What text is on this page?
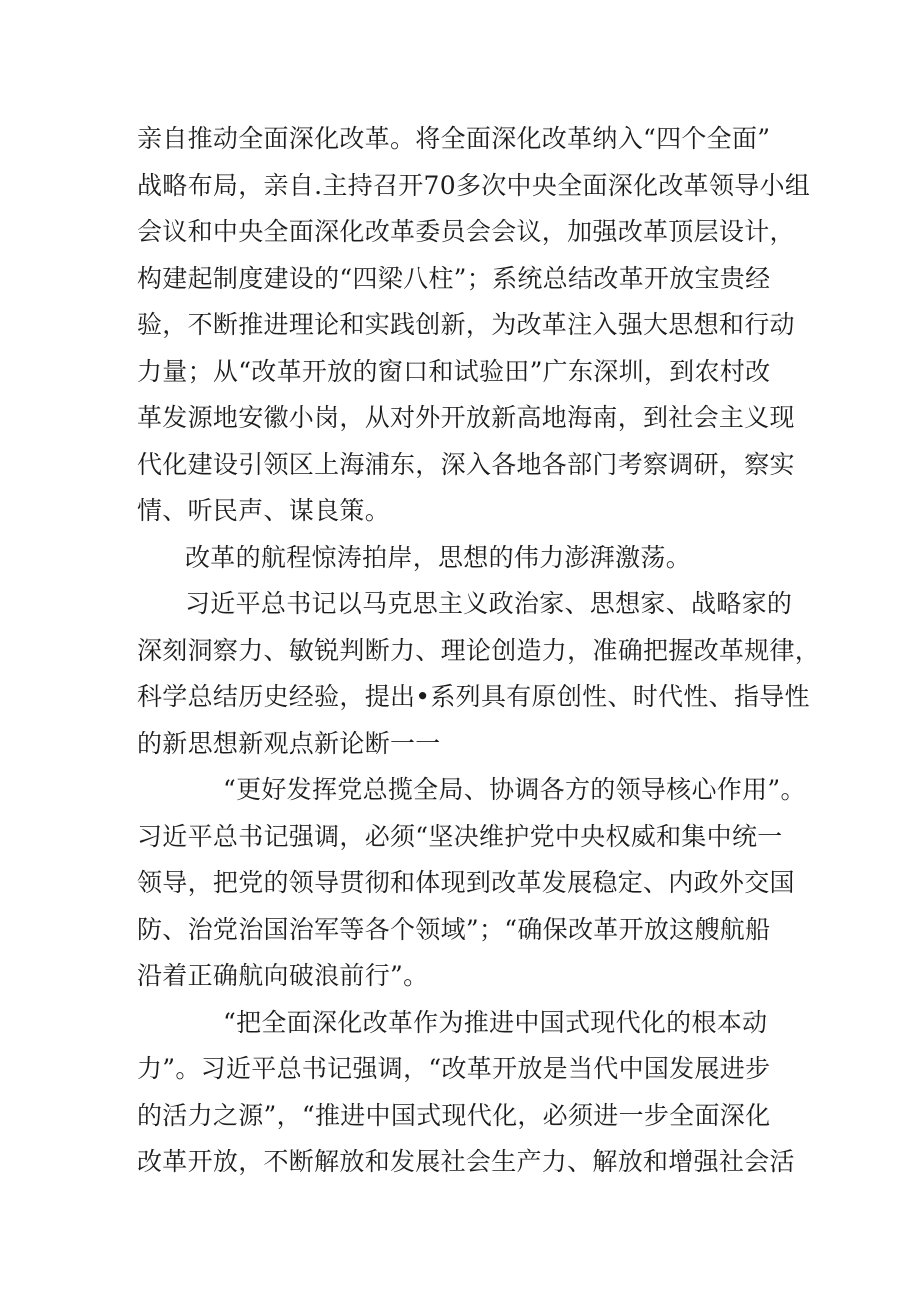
亲自推动全面深化改革。将全面深化改革纳入“四个全面”
战略布局，亲自.主持召开70多次中央全面深化改革领导小组
会议和中央全面深化改革委员会会议，加强改革顶层设计，
构建起制度建设的“四梁八柱”；系统总结改革开放宝贵经
验，不断推进理论和实践创新，为改革注入强大思想和行动
力量；从“改革开放的窗口和试验田”广东深圳，到农村改
革发源地安徽小岗，从对外开放新高地海南，到社会主义现
代化建设引领区上海浦东，深入各地各部门考察调研，察实
情、听民声、谋良策。
改革的航程惊涛拍岸，思想的伟力澎湃激荡。
习近平总书记以马克思主义政治家、思想家、战略家的
深刻洞察力、敏锐判断力、理论创造力，准确把握改革规律，
科学总结历史经验，提出•系列具有原创性、时代性、指导性
的新思想新观点新论断一一
“更好发挥党总揽全局、协调各方的领导核心作用”。
习近平总书记强调，必须“坚决维护党中央权威和集中统一
领导，把党的领导贯彻和体现到改革发展稳定、内政外交国
防、治党治国治军等各个领域”；“确保改革开放这艘航船
沿着正确航向破浪前行”。
“把全面深化改革作为推进中国式现代化的根本动
力”。习近平总书记强调，“改革开放是当代中国发展进步
的活力之源”，“推进中国式现代化，必须进一步全面深化
改革开放，不断解放和发展社会生产力、解放和增强社会活
